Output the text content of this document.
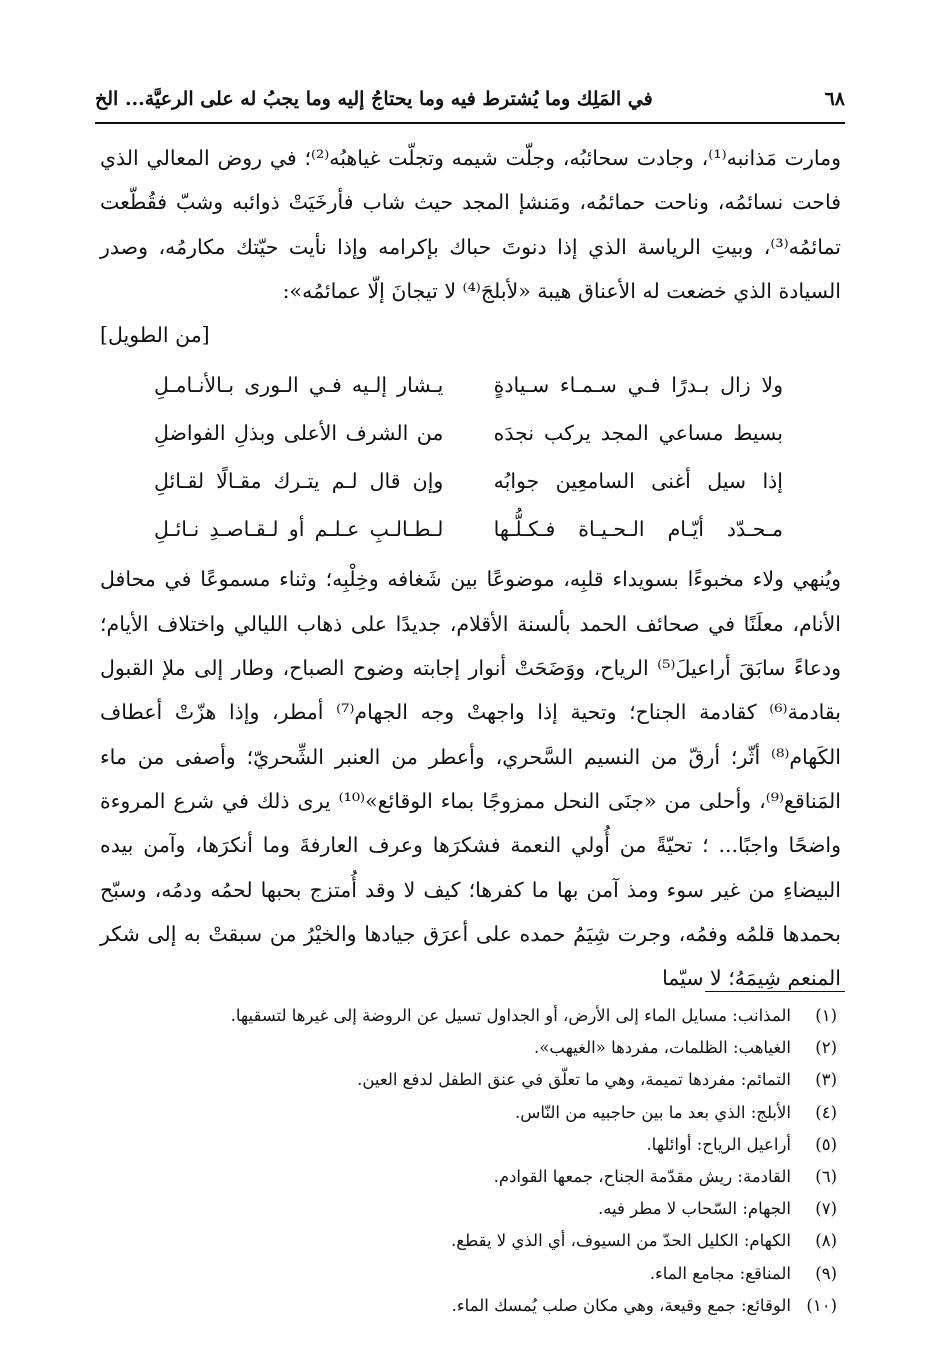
٦٨
في المَلِك وما يُشترط فيه وما يحتاجُ إليه وما يجبُ له على الرعيَّة... الخ

ومارت مَذانبه⁽¹⁾، وجادت سحائبُه، وجلّت شيمه وتجلّت غياهبُه⁽²⁾؛ في روض المعالي الذي فاحت نسائمُه، وناحت حمائمُه، ومَنشإ المجد حيث شاب فأرخَيَتْ ذوائبه وشبّ فقُطّعت تمائمُه⁽³⁾، وبيتِ الرياسة الذي إذا دنوتَ حباك بإكرامه وإذا نأيت حيّتك مكارمُه، وصدر السيادة الذي خضعت له الأعناق هيبة «لأبلجَ⁽⁴⁾ لا تيجانَ إلّا عمائمُه»:

[من الطويل]
ولا زال بـدرًا فـي سـمـاء سـيادةٍ
يـشار إلـيه فـي الـورى بـالأنـامـلِ
بسيط مساعي المجد يركب نجدَه
من الشرف الأعلى وبذلِ الفواضلِ
إذا سيل أغنى السامعِين جوابُه
وإن قال لـم يتـرك مقـالًا لقـائلِ
مـحـدّد أيّـام الـحـيـاة فـكـلُّـها
لـطـالـبِ عـلـم أو لـقـاصـدِ نـائـلِ

ويُنهي ولاء مخبوءًا بسويداء قلبِه، موضوعًا بين شَغافه وخِلْبِه؛ وثناء مسموعًا في محافل الأنام، معلَنًا في صحائف الحمد بألسنة الأقلام، جديدًا على ذهاب الليالي واختلاف الأيام؛ ودعاءً سابَقَ أراعيلَ⁽⁵⁾ الرياح، ووَضَحَتْ أنوار إجابته وضوح الصباح، وطار إلى ملإ القبول بقادمة⁽⁶⁾ كقادمة الجناح؛ وتحية إذا واجهتْ وجه الجهام⁽⁷⁾ أمطر، وإذا هزّتْ أعطاف الكَهام⁽⁸⁾ أثّر؛ أرقّ من النسيم السَّحري، وأعطر من العنبر الشِّحريّ؛ وأصفى من ماء المَناقع⁽⁹⁾، وأحلى من «جنَى النحل ممزوجًا بماء الوقائع»⁽¹⁰⁾ يرى ذلك في شرع المروءة واضحًا واجبًا... ؛ تحيّةً من أُولي النعمة فشكرَها وعرف العارفةَ وما أنكرَها، وآمن بيده البيضاءِ من غير سوء ومذ آمن بها ما كفرها؛ كيف لا وقد أُمتزج بحبها لحمُه ودمُه، وسبّح بحمدها قلمُه وفمُه، وجرت شِيَمُ حمده على أعرَق جيادها والخيْرُ من سبقتْ به إلى شكر المنعم شِيمَهُ؛ لا سيّما

(١)
المذانب: مسايل الماء إلى الأرض، أو الجداول تسيل عن الروضة إلى غيرها لتسقيها.
(٢)
الغياهب: الظلمات، مفردها «الغيهب».
(٣)
التمائم: مفردها تميمة، وهي ما تعلّق في عنق الطفل لدفع العين.
(٤)
الأبلج: الذي بعد ما بين حاجبيه من النّاس.
(٥)
أراعيل الرياح: أوائلها.
(٦)
القادمة: ريش مقدّمة الجناح، جمعها القوادم.
(٧)
الجهام: السّحاب لا مطر فيه.
(٨)
الكهام: الكليل الحدّ من السيوف، أي الذي لا يقطع.
(٩)
المناقع: مجامع الماء.
(١٠)
الوقائع: جمع وقيعة، وهي مكان صلب يُمسك الماء.
